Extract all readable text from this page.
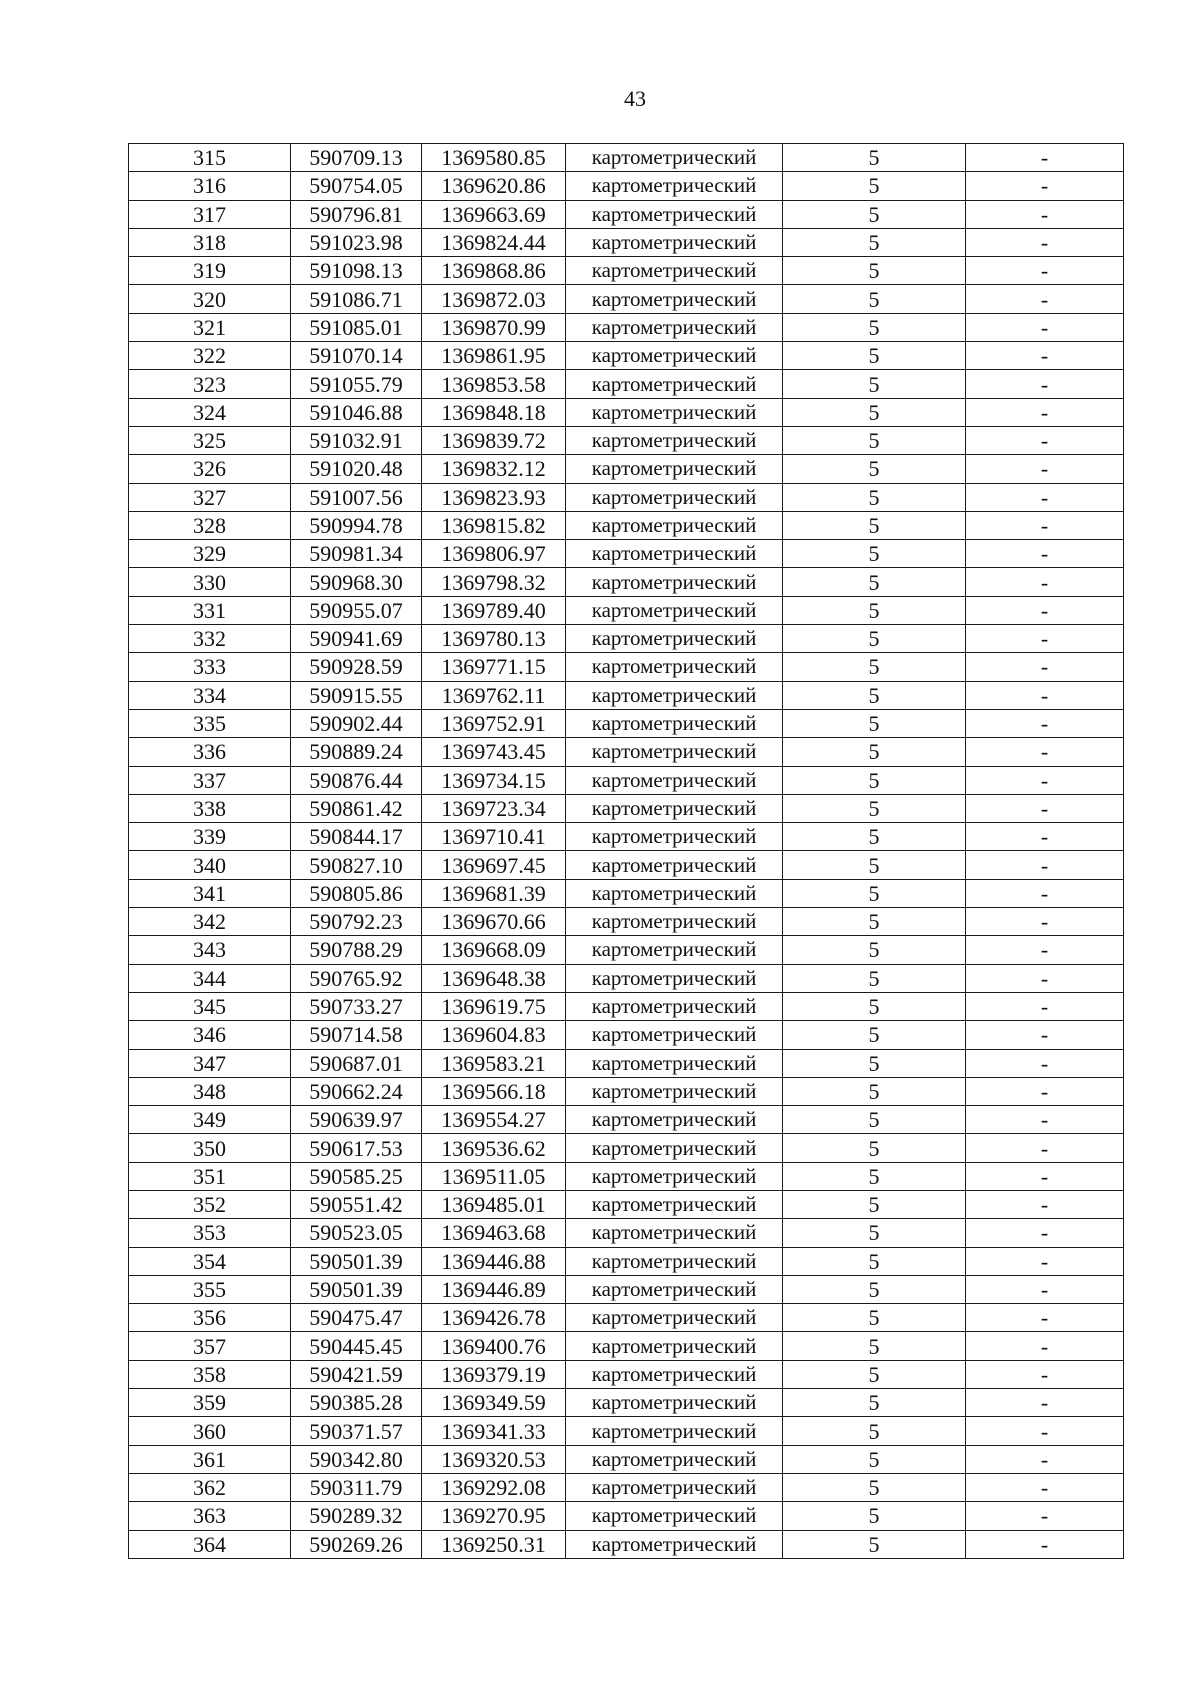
43
315	590709.13	1369580.85	картометрический	5	-
316	590754.05	1369620.86	картометрический	5	-
317	590796.81	1369663.69	картометрический	5	-
318	591023.98	1369824.44	картометрический	5	-
319	591098.13	1369868.86	картометрический	5	-
320	591086.71	1369872.03	картометрический	5	-
321	591085.01	1369870.99	картометрический	5	-
322	591070.14	1369861.95	картометрический	5	-
323	591055.79	1369853.58	картометрический	5	-
324	591046.88	1369848.18	картометрический	5	-
325	591032.91	1369839.72	картометрический	5	-
326	591020.48	1369832.12	картометрический	5	-
327	591007.56	1369823.93	картометрический	5	-
328	590994.78	1369815.82	картометрический	5	-
329	590981.34	1369806.97	картометрический	5	-
330	590968.30	1369798.32	картометрический	5	-
331	590955.07	1369789.40	картометрический	5	-
332	590941.69	1369780.13	картометрический	5	-
333	590928.59	1369771.15	картометрический	5	-
334	590915.55	1369762.11	картометрический	5	-
335	590902.44	1369752.91	картометрический	5	-
336	590889.24	1369743.45	картометрический	5	-
337	590876.44	1369734.15	картометрический	5	-
338	590861.42	1369723.34	картометрический	5	-
339	590844.17	1369710.41	картометрический	5	-
340	590827.10	1369697.45	картометрический	5	-
341	590805.86	1369681.39	картометрический	5	-
342	590792.23	1369670.66	картометрический	5	-
343	590788.29	1369668.09	картометрический	5	-
344	590765.92	1369648.38	картометрический	5	-
345	590733.27	1369619.75	картометрический	5	-
346	590714.58	1369604.83	картометрический	5	-
347	590687.01	1369583.21	картометрический	5	-
348	590662.24	1369566.18	картометрический	5	-
349	590639.97	1369554.27	картометрический	5	-
350	590617.53	1369536.62	картометрический	5	-
351	590585.25	1369511.05	картометрический	5	-
352	590551.42	1369485.01	картометрический	5	-
353	590523.05	1369463.68	картометрический	5	-
354	590501.39	1369446.88	картометрический	5	-
355	590501.39	1369446.89	картометрический	5	-
356	590475.47	1369426.78	картометрический	5	-
357	590445.45	1369400.76	картометрический	5	-
358	590421.59	1369379.19	картометрический	5	-
359	590385.28	1369349.59	картометрический	5	-
360	590371.57	1369341.33	картометрический	5	-
361	590342.80	1369320.53	картометрический	5	-
362	590311.79	1369292.08	картометрический	5	-
363	590289.32	1369270.95	картометрический	5	-
364	590269.26	1369250.31	картометрический	5	-
